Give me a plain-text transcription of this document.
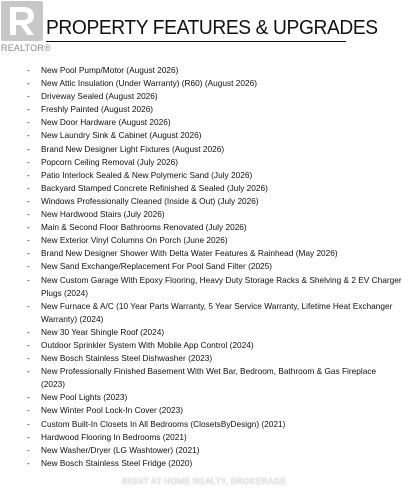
REALTOR®
PROPERTY FEATURES & UPGRADES
- New Pool Pump/Motor (August 2026)
- New Attic Insulation (Under Warranty) (R60) (August 2026)
- Driveway Sealed (August 2026)
- Freshly Painted (August 2026)
- New Door Hardware (August 2026)
- New Laundry Sink & Cabinet (August 2026)
- Brand New Designer Light Fixtures (August 2026)
- Popcorn Ceiling Removal (July 2026)
- Patio Interlock Sealed & New Polymeric Sand (July 2026)
- Backyard Stamped Concrete Refinished & Sealed (July 2026)
- Windows Professionally Cleaned (Inside & Out) (July 2026)
- New Hardwood Stairs (July 2026)
- Main & Second Floor Bathrooms Renovated (July 2026)
- New Exterior Vinyl Columns On Porch (June 2026)
- Brand New Designer Shower With Delta Water Features & Rainhead (May 2026)
- New Sand Exchange/Replacement For Pool Sand Filter (2025)
- New Custom Garage With Epoxy Flooring, Heavy Duty Storage Racks & Shelving & 2 EV Charger Plugs (2024)
- New Furnace & A/C (10 Year Parts Warranty, 5 Year Service Warranty, Lifetime Heat Exchanger Warranty) (2024)
- New 30 Year Shingle Roof (2024)
- Outdoor Sprinkler System With Mobile App Control (2024)
- New Bosch Stainless Steel Dishwasher (2023)
- New Professionally Finished Basement With Wet Bar, Bedroom, Bathroom & Gas Fireplace (2023)
- New Pool Lights (2023)
- New Winter Pool Lock-In Cover (2023)
- Custom Built-In Closets In All Bedrooms (ClosetsByDesign) (2021)
- Hardwood Flooring In Bedrooms (2021)
- New Washer/Dryer (LG Washtower) (2021)
- New Bosch Stainless Steel Fridge (2020)
RIGHT AT HOME REALTY, BROKERAGE
